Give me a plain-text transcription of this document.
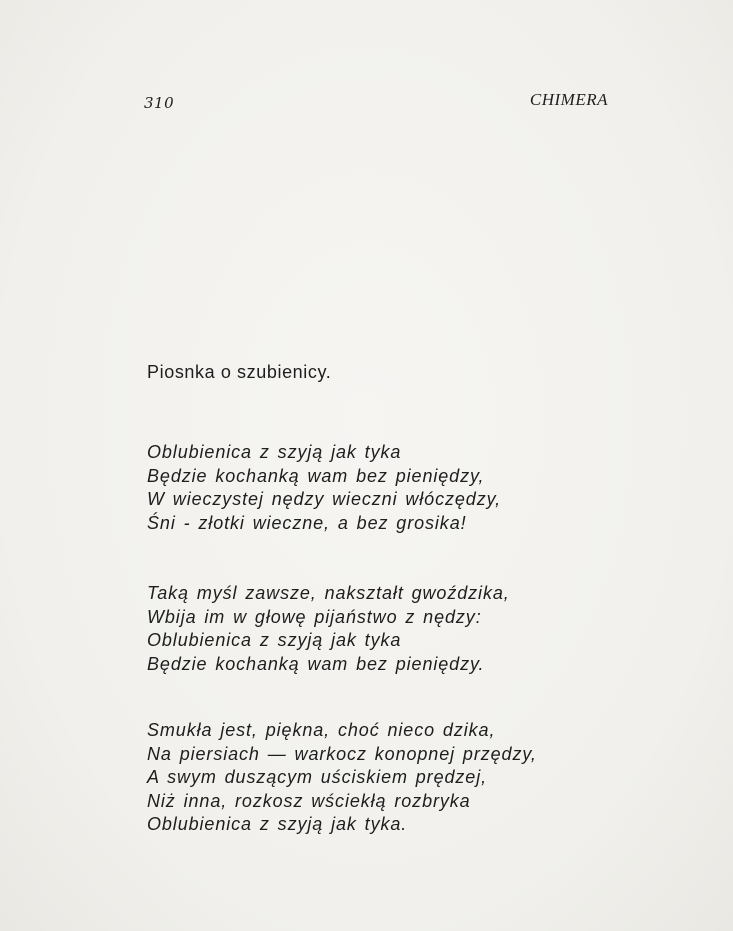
310	CHIMERA
Piosnka o szubienicy.
Oblubienica z szyją jak tyka
Będzie kochanką wam bez pieniędzy,
W wieczystej nędzy wieczni włóczędzy,
Śni - złotki wieczne, a bez grosika!
Taką myśl zawsze, nakształt gwoździka,
Wbija im w głowę pijaństwo z nędzy:
Oblubienica z szyją jak tyka
Będzie kochanką wam bez pieniędzy.
Smukła jest, piękna, choć nieco dzika,
Na piersiach — warkocz konopnej przędzy,
A swym duszącym uściskiem prędzej,
Niż inna, rozkosz wściekłą rozbryka
Oblubienica z szyją jak tyka.
